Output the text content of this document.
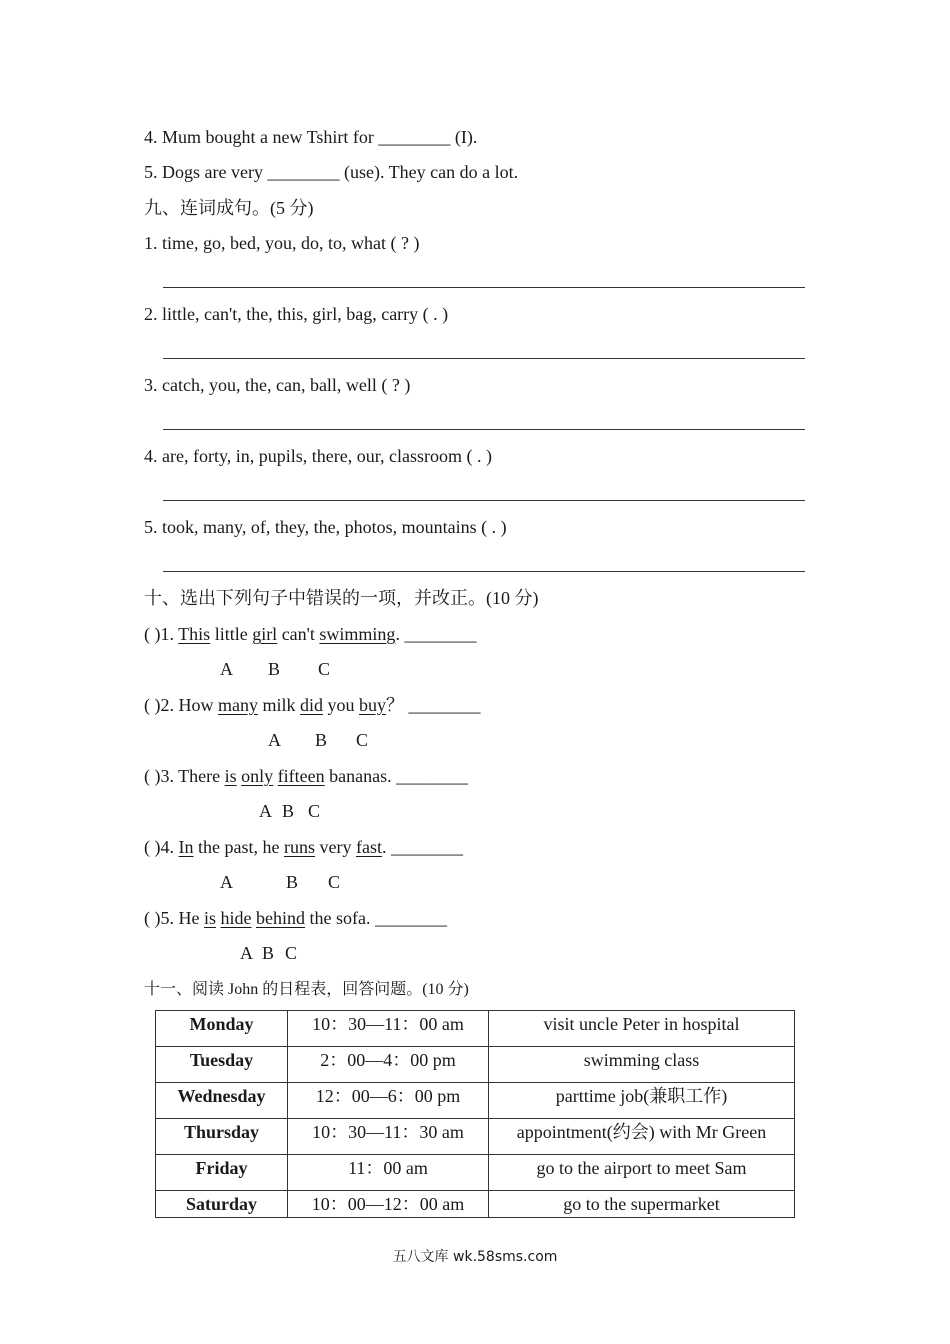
4. Mum bought a new Tshirt for ________ (I).
5. Dogs are very ________ (use). They can do a lot.
九、连词成句。(5 分)
1. time, go, bed, you, do, to, what ( ? )
2. little, can't, the, this, girl, bag, carry ( . )
3. catch, you, the, can, ball, well ( ? )
4. are, forty, in, pupils, there, our, classroom ( . )
5. took, many, of, they, the, photos, mountains ( . )
十、选出下列句子中错误的一项，并改正。(10 分)
( )1. This little girl can't swimming. ________
A B C
( )2. How many milk did you buy？ ________
A B C
( )3. There is only fifteen bananas. ________
A B C
( )4. In the past, he runs very fast. ________
A	B C
( )5. He is hide behind the sofa. ________
A B C
十一、阅读 John 的日程表，回答问题。(10 分)
Monday	10：30—11：00 am	visit uncle Peter in hospital
Tuesday	2：00—4：00 pm	swimming class
Wednesday	12：00—6：00 pm	parttime job(兼职工作)
Thursday	10：30—11：30 am	appointment(约会) with Mr Green
Friday	11：00 am	go to the airport to meet Sam
Saturday	10：00—12：00 am	go to the supermarket
五八文库 wk.58sms.com
